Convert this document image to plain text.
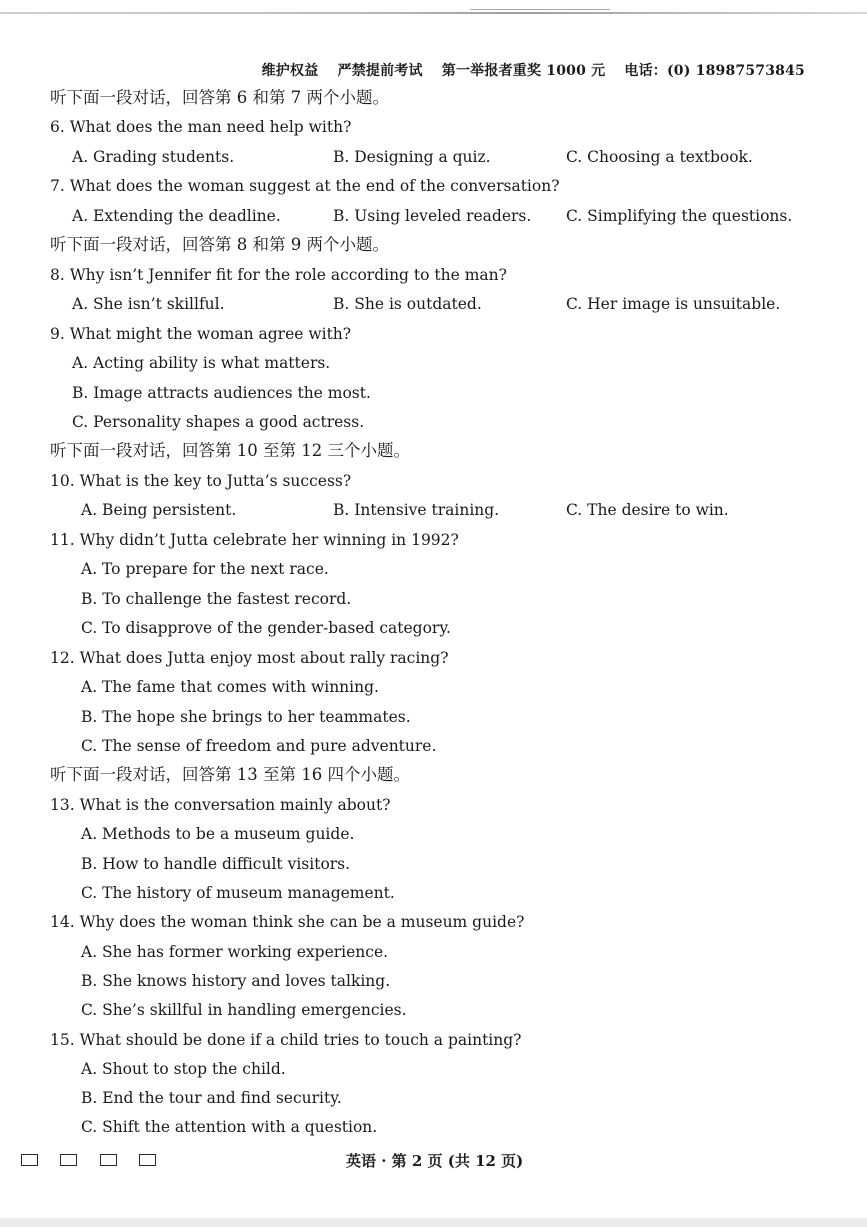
维护权益 严禁提前考试 第一举报者重奖 1000 元 电话：(0) 18987573845
听下面一段对话，回答第 6 和第 7 两个小题。
6. What does the man need help with?
A. Grading students.	B. Designing a quiz.	C. Choosing a textbook.
7. What does the woman suggest at the end of the conversation?
A. Extending the deadline.	B. Using leveled readers. C. Simplifying the questions.
听下面一段对话，回答第 8 和第 9 两个小题。
8. Why isn’t Jennifer fit for the role according to the man?
A. She isn’t skillful.	B. She is outdated.	C. Her image is unsuitable.
9. What might the woman agree with?
A. Acting ability is what matters.
B. Image attracts audiences the most.
C. Personality shapes a good actress.
听下面一段对话，回答第 10 至第 12 三个小题。
10. What is the key to Jutta’s success?
A. Being persistent.	B. Intensive training.	C. The desire to win.
11. Why didn’t Jutta celebrate her winning in 1992?
A. To prepare for the next race.
B. To challenge the fastest record.
C. To disapprove of the gender-based category.
12. What does Jutta enjoy most about rally racing?
A. The fame that comes with winning.
B. The hope she brings to her teammates.
C. The sense of freedom and pure adventure.
听下面一段对话，回答第 13 至第 16 四个小题。
13. What is the conversation mainly about?
A. Methods to be a museum guide.
B. How to handle difficult visitors.
C. The history of museum management.
14. Why does the woman think she can be a museum guide?
A. She has former working experience.
B. She knows history and loves talking.
C. She’s skillful in handling emergencies.
15. What should be done if a child tries to touch a painting?
A. Shout to stop the child.
B. End the tour and find security.
C. Shift the attention with a question.
英语 · 第 2 页 (共 12 页)
